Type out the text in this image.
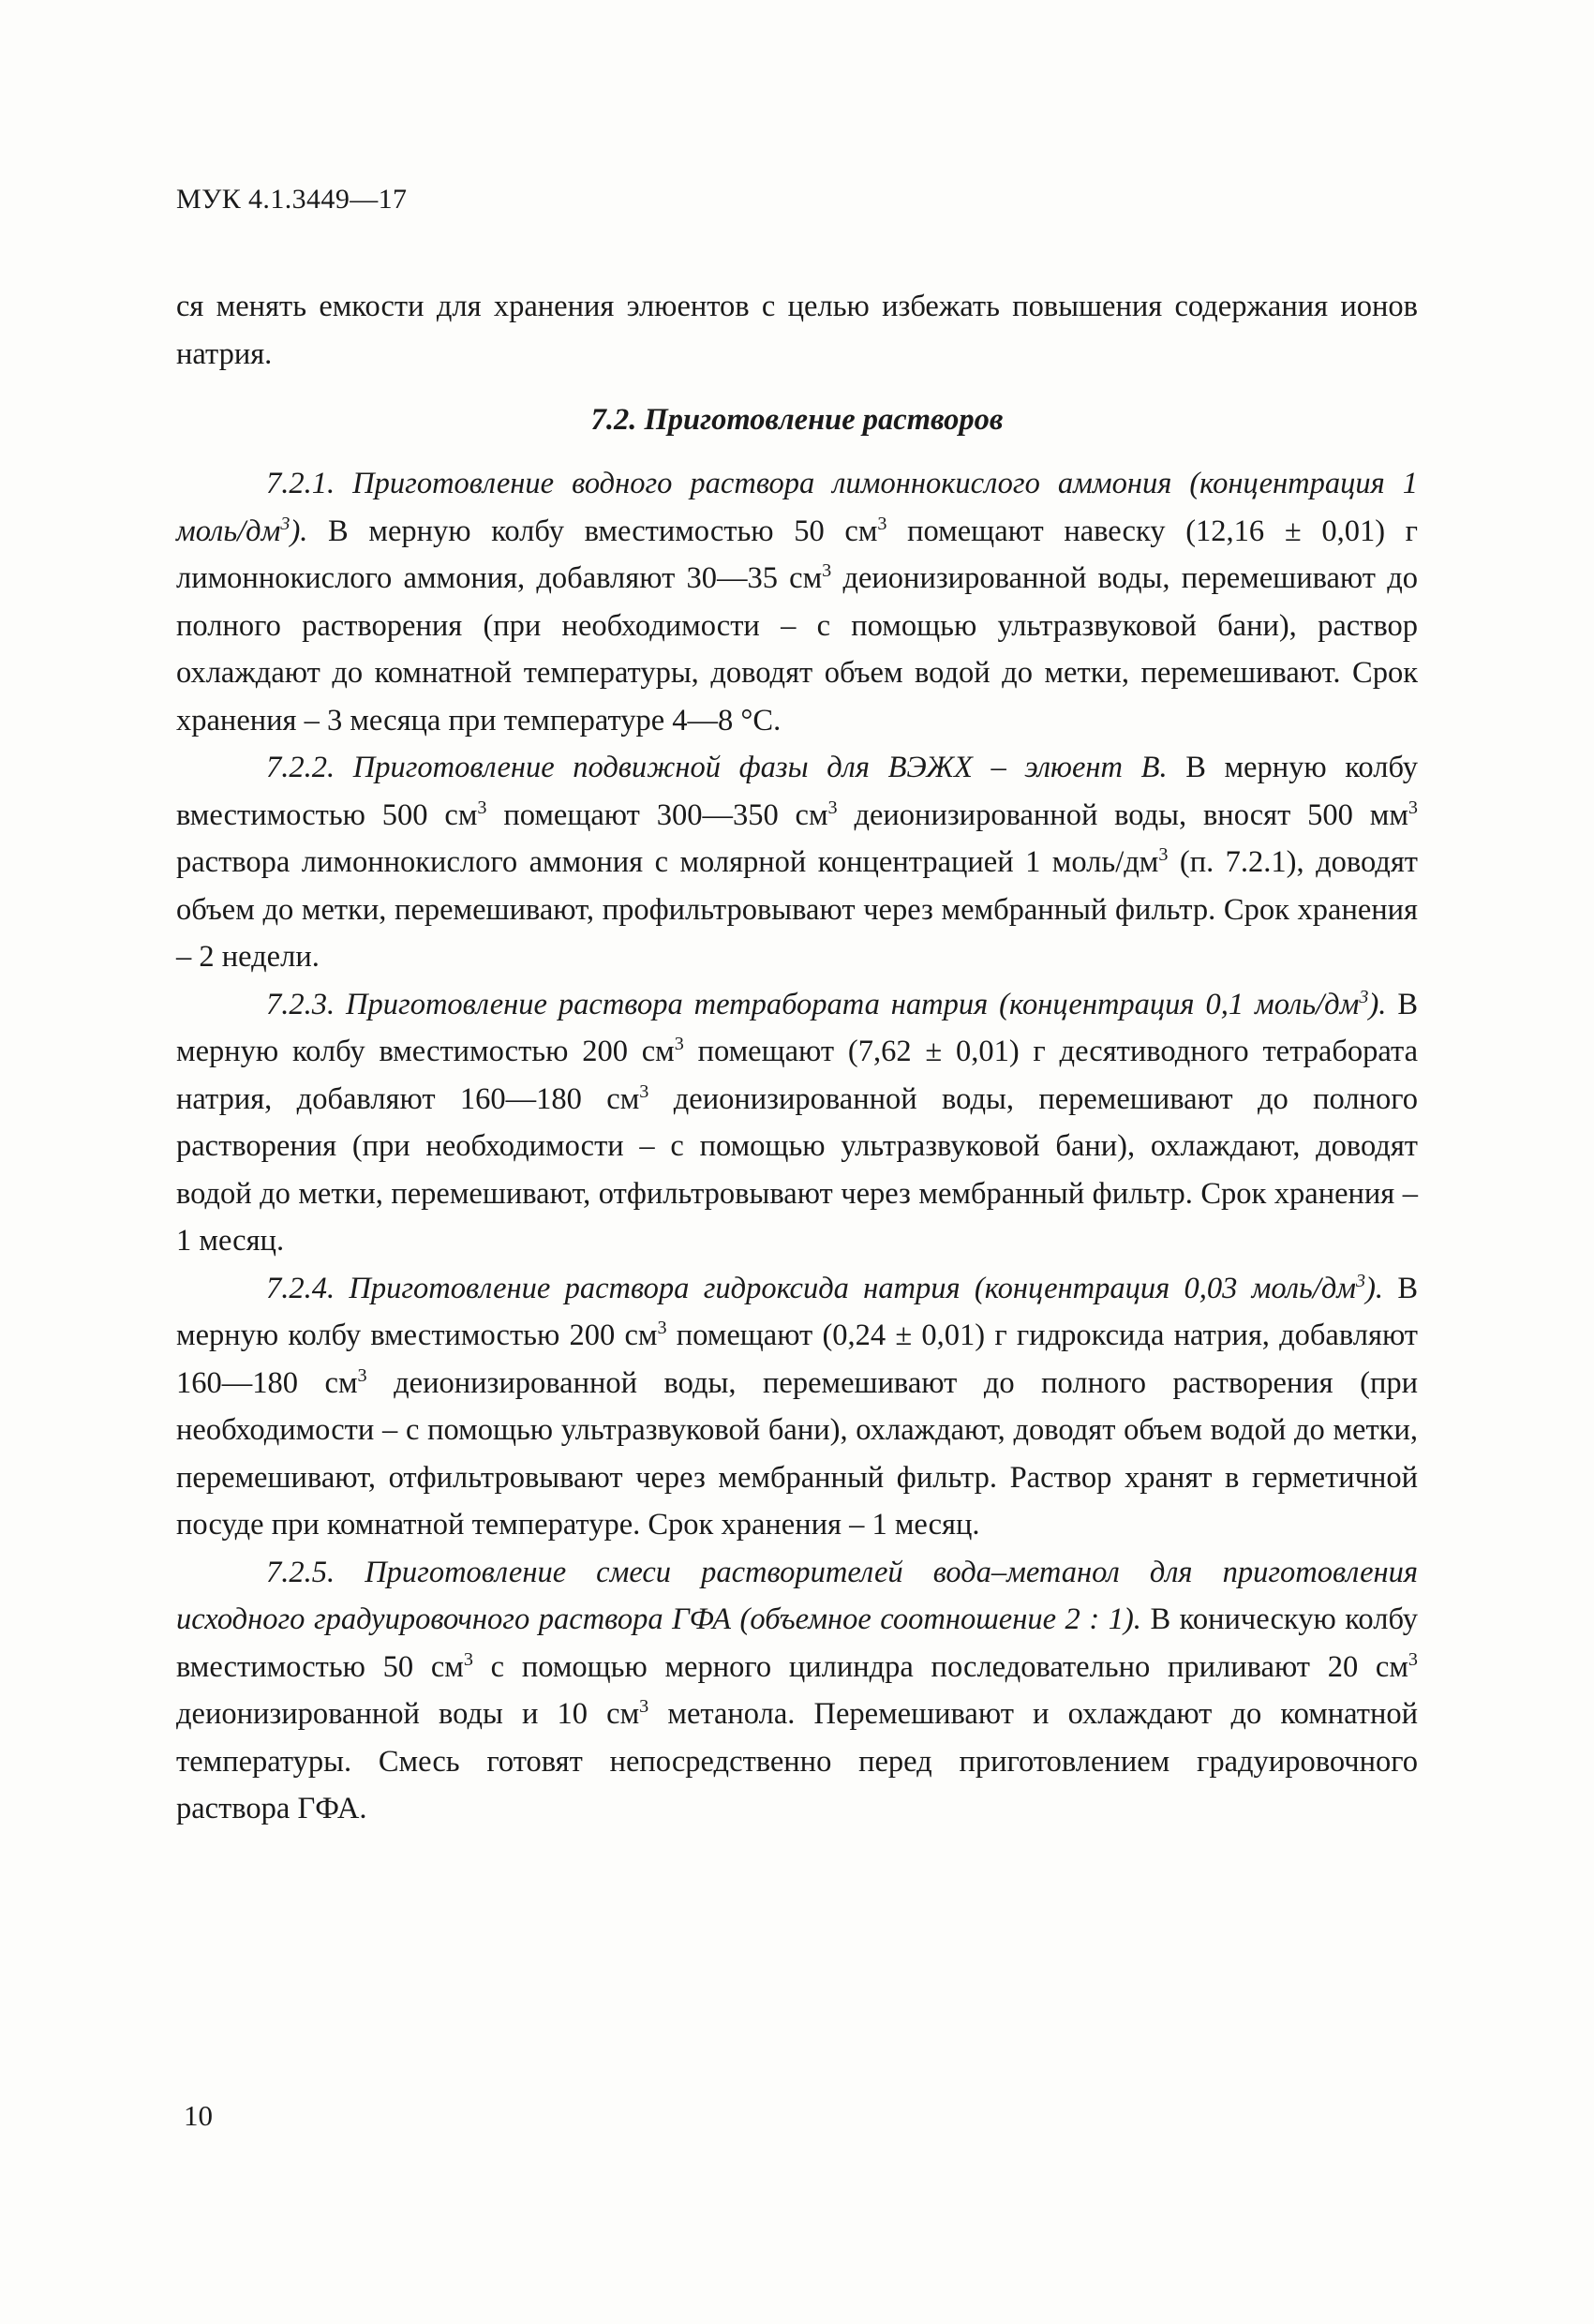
МУК 4.1.3449—17

ся менять емкости для хранения элюентов с целью избежать повышения содержания ионов натрия.

7.2. Приготовление растворов

7.2.1. Приготовление водного раствора лимоннокислого аммония (концентрация 1 моль/$дм^3$). В мерную колбу вместимостью 50 $см^3$ помещают навеску (12,16 ± 0,01) г лимоннокислого аммония, добавляют 30—35 $см^3$ деионизированной воды, перемешивают до полного растворения (при необходимости – с помощью ультразвуковой бани), раствор охлаждают до комнатной температуры, доводят объем водой до метки, перемешивают. Срок хранения – 3 месяца при температуре 4—8 °С.

7.2.2. Приготовление подвижной фазы для ВЭЖХ – элюент В. В мерную колбу вместимостью 500 $см^3$ помещают 300—350 $см^3$ деионизированной воды, вносят 500 $мм^3$ раствора лимоннокислого аммония с молярной концентрацией 1 моль/$дм^3$ (п. 7.2.1), доводят объем до метки, перемешивают, профильтровывают через мембранный фильтр. Срок хранения – 2 недели.

7.2.3. Приготовление раствора тетрабората натрия (концентрация 0,1 моль/$дм^3$). В мерную колбу вместимостью 200 $см^3$ помещают (7,62 ± 0,01) г десятиводного тетрабората натрия, добавляют 160—180 $см^3$ деионизированной воды, перемешивают до полного растворения (при необходимости – с помощью ультразвуковой бани), охлаждают, доводят водой до метки, перемешивают, отфильтровывают через мембранный фильтр. Срок хранения – 1 месяц.

7.2.4. Приготовление раствора гидроксида натрия (концентрация 0,03 моль/$дм^3$). В мерную колбу вместимостью 200 $см^3$ помещают (0,24 ± 0,01) г гидроксида натрия, добавляют 160—180 $см^3$ деионизированной воды, перемешивают до полного растворения (при необходимости – с помощью ультразвуковой бани), охлаждают, доводят объем водой до метки, перемешивают, отфильтровывают через мембранный фильтр. Раствор хранят в герметичной посуде при комнатной температуре. Срок хранения – 1 месяц.

7.2.5. Приготовление смеси растворителей вода–метанол для приготовления исходного градуировочного раствора ГФА (объемное соотношение 2 : 1). В коническую колбу вместимостью 50 $см^3$ с помощью мерного цилиндра последовательно приливают 20 $см^3$ деионизированной воды и 10 $см^3$ метанола. Перемешивают и охлаждают до комнатной температуры. Смесь готовят непосредственно перед приготовлением градуировочного раствора ГФА.

10
